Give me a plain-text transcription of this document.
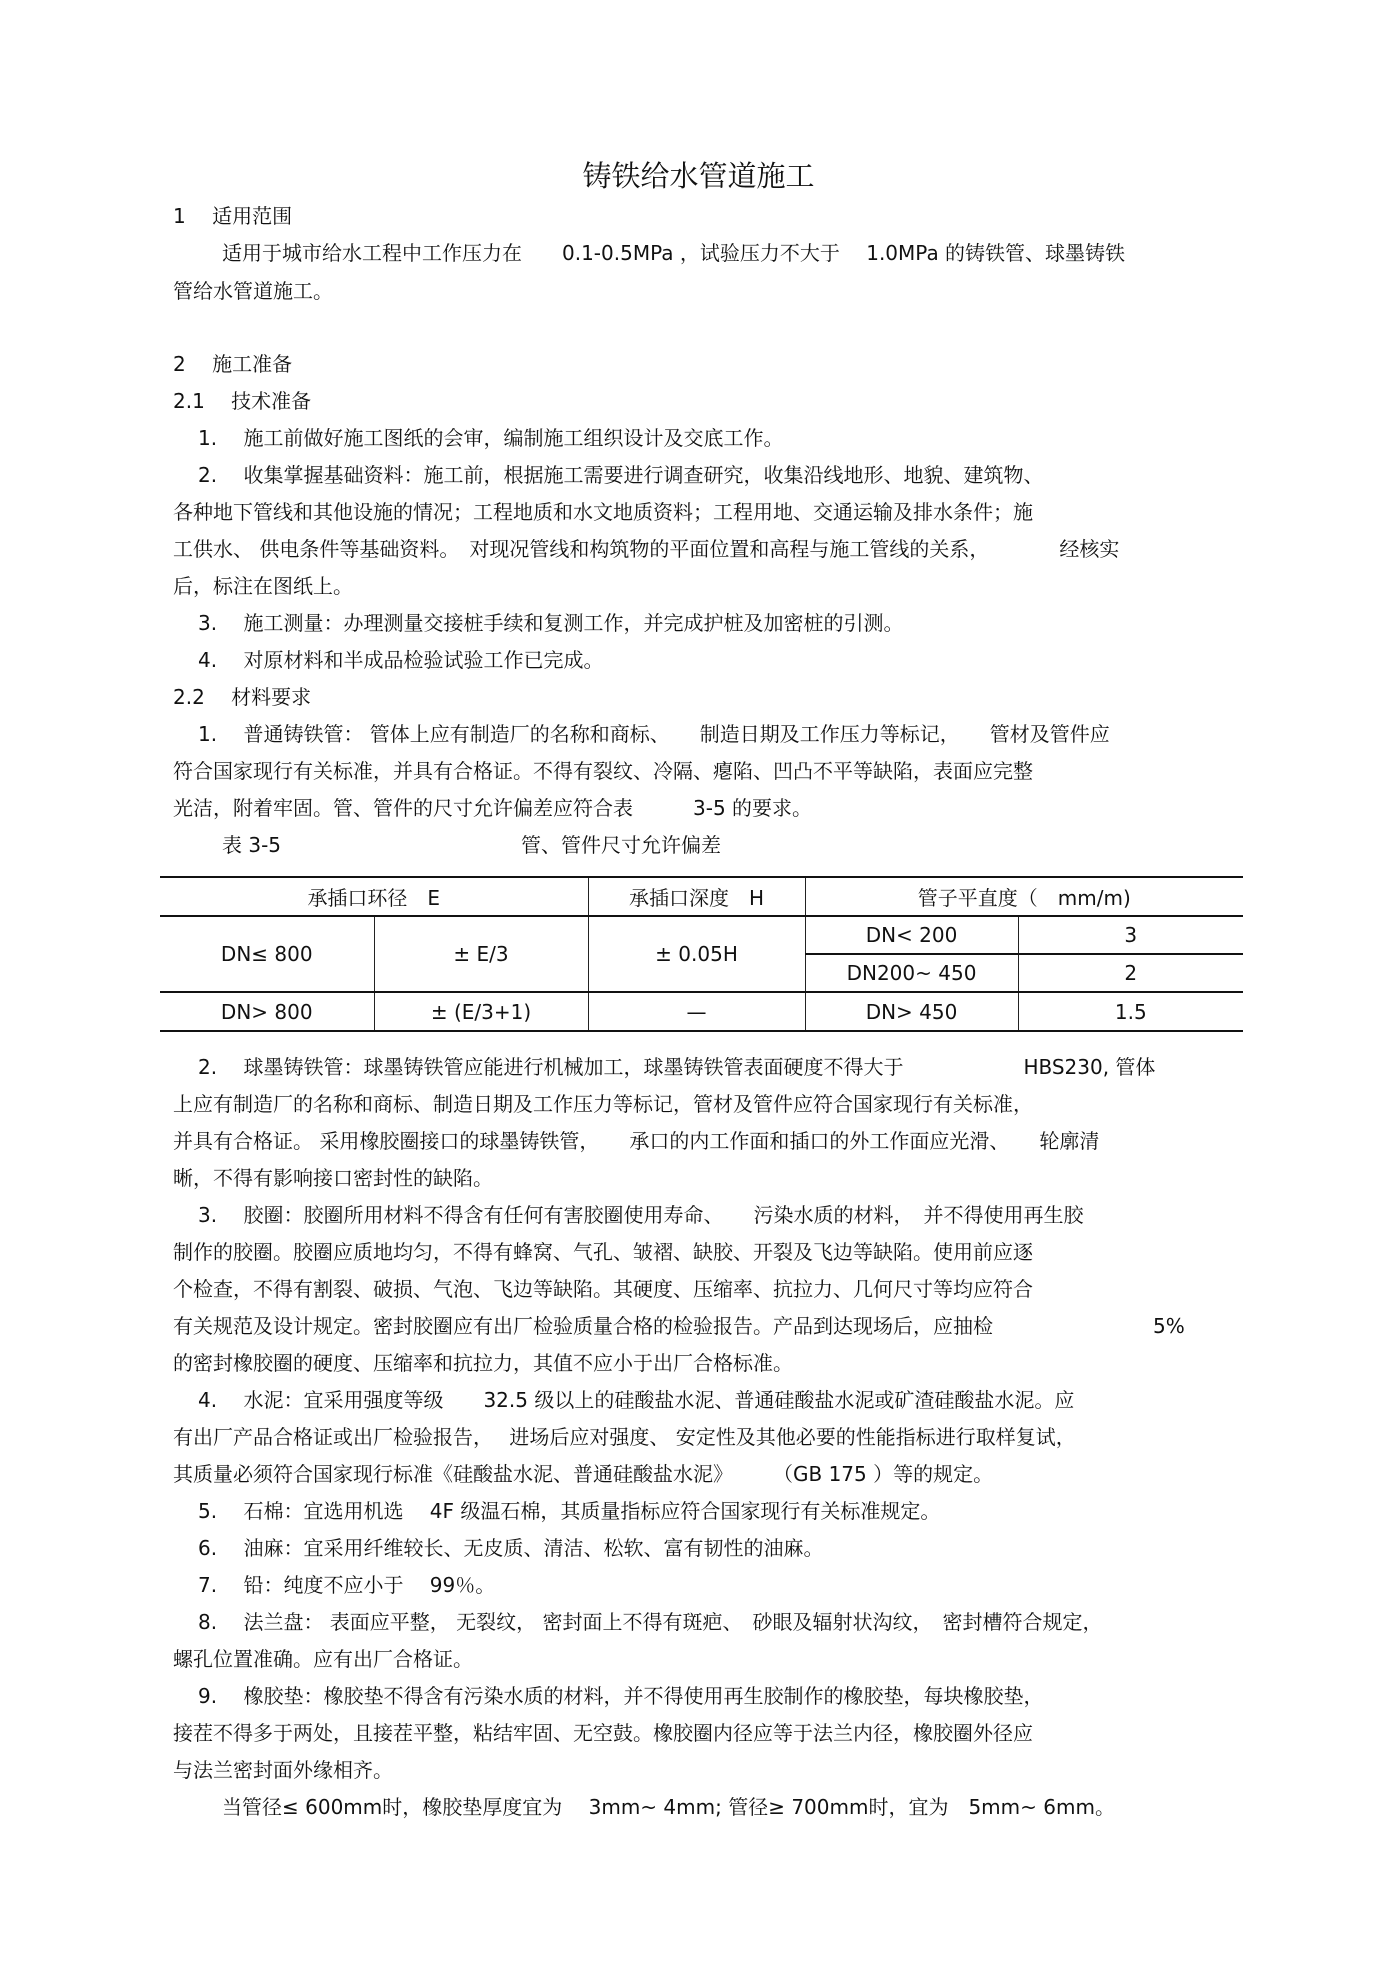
铸铁给水管道施工
1　 适用范围
适用于城市给水工程中工作压力在　　0.1-0.5MPa ，试验压力不大于　 1.0MPa 的铸铁管、球墨铸铁
管给水管道施工。
2　 施工准备
2.1　 技术准备
1.　 施工前做好施工图纸的会审，编制施工组织设计及交底工作。
2.　 收集掌握基础资料：施工前，根据施工需要进行调查研究，收集沿线地形、地貌、建筑物、
各种地下管线和其他设施的情况；工程地质和水文地质资料；工程用地、交通运输及排水条件；施
工供水、 供电条件等基础资料。　对现况管线和构筑物的平面位置和高程与施工管线的关系，　　　　经核实
后，标注在图纸上。
3.　 施工测量：办理测量交接桩手续和复测工作，并完成护桩及加密桩的引测。
4.　 对原材料和半成品检验试验工作已完成。
2.2　 材料要求
1.　 普通铸铁管： 管体上应有制造厂的名称和商标、　　制造日期及工作压力等标记，　　管材及管件应
符合国家现行有关标准，并具有合格证。不得有裂纹、冷隔、瘪陷、凹凸不平等缺陷，表面应完整
光洁，附着牢固。管、管件的尺寸允许偏差应符合表　　　3-5 的要求。
表 3-5　　　　　　　　　　　　管、管件尺寸允许偏差
2.　 球墨铸铁管：球墨铸铁管应能进行机械加工，球墨铸铁管表面硬度不得大于　　　　　　HBS230, 管体
上应有制造厂的名称和商标、制造日期及工作压力等标记，管材及管件应符合国家现行有关标准，
并具有合格证。 采用橡胶圈接口的球墨铸铁管，　　承口的内工作面和插口的外工作面应光滑、　　轮廓清
晰，不得有影响接口密封性的缺陷。
3.　 胶圈：胶圈所用材料不得含有任何有害胶圈使用寿命、　　污染水质的材料，　并不得使用再生胶
制作的胶圈。胶圈应质地均匀，不得有蜂窝、气孔、皱褶、缺胶、开裂及飞边等缺陷。使用前应逐
个检查，不得有割裂、破损、气泡、飞边等缺陷。其硬度、压缩率、抗拉力、几何尺寸等均应符合
有关规范及设计规定。密封胶圈应有出厂检验质量合格的检验报告。产品到达现场后，应抽检　　　　　　　　5%
的密封橡胶圈的硬度、压缩率和抗拉力，其值不应小于出厂合格标准。
4.　 水泥：宜采用强度等级　　32.5 级以上的硅酸盐水泥、普通硅酸盐水泥或矿渣硅酸盐水泥。应
有出厂产品合格证或出厂检验报告，　 进场后应对强度、 安定性及其他必要的性能指标进行取样复试，
其质量必须符合国家现行标准《硅酸盐水泥、普通硅酸盐水泥》　　　（GB 175 ）等的规定。
5.　 石棉：宜选用机选　 4F 级温石棉，其质量指标应符合国家现行有关标准规定。
6.　 油麻：宜采用纤维较长、无皮质、清洁、松软、富有韧性的油麻。
7.　 铅：纯度不应小于　 99％。
8.　 法兰盘： 表面应平整， 无裂纹， 密封面上不得有斑疤、　砂眼及辐射状沟纹，　密封槽符合规定，
螺孔位置准确。应有出厂合格证。
9.　 橡胶垫：橡胶垫不得含有污染水质的材料，并不得使用再生胶制作的橡胶垫，每块橡胶垫，
接茬不得多于两处，且接茬平整，粘结牢固、无空鼓。橡胶圈内径应等于法兰内径，橡胶圈外径应
与法兰密封面外缘相齐。
当管径≤ 600mm时，橡胶垫厚度宜为　 3mm~ 4mm; 管径≥ 700mm时，宜为　5mm~ 6mm。
承插口环径　E		承插口深度　H	管子平直度（　mm/m)	
DN≤ 800	± E/3	± 0.05H	DN< 200	3
			DN200~ 450	2
DN> 800	± (E/3+1)	—	DN> 450	1.5
